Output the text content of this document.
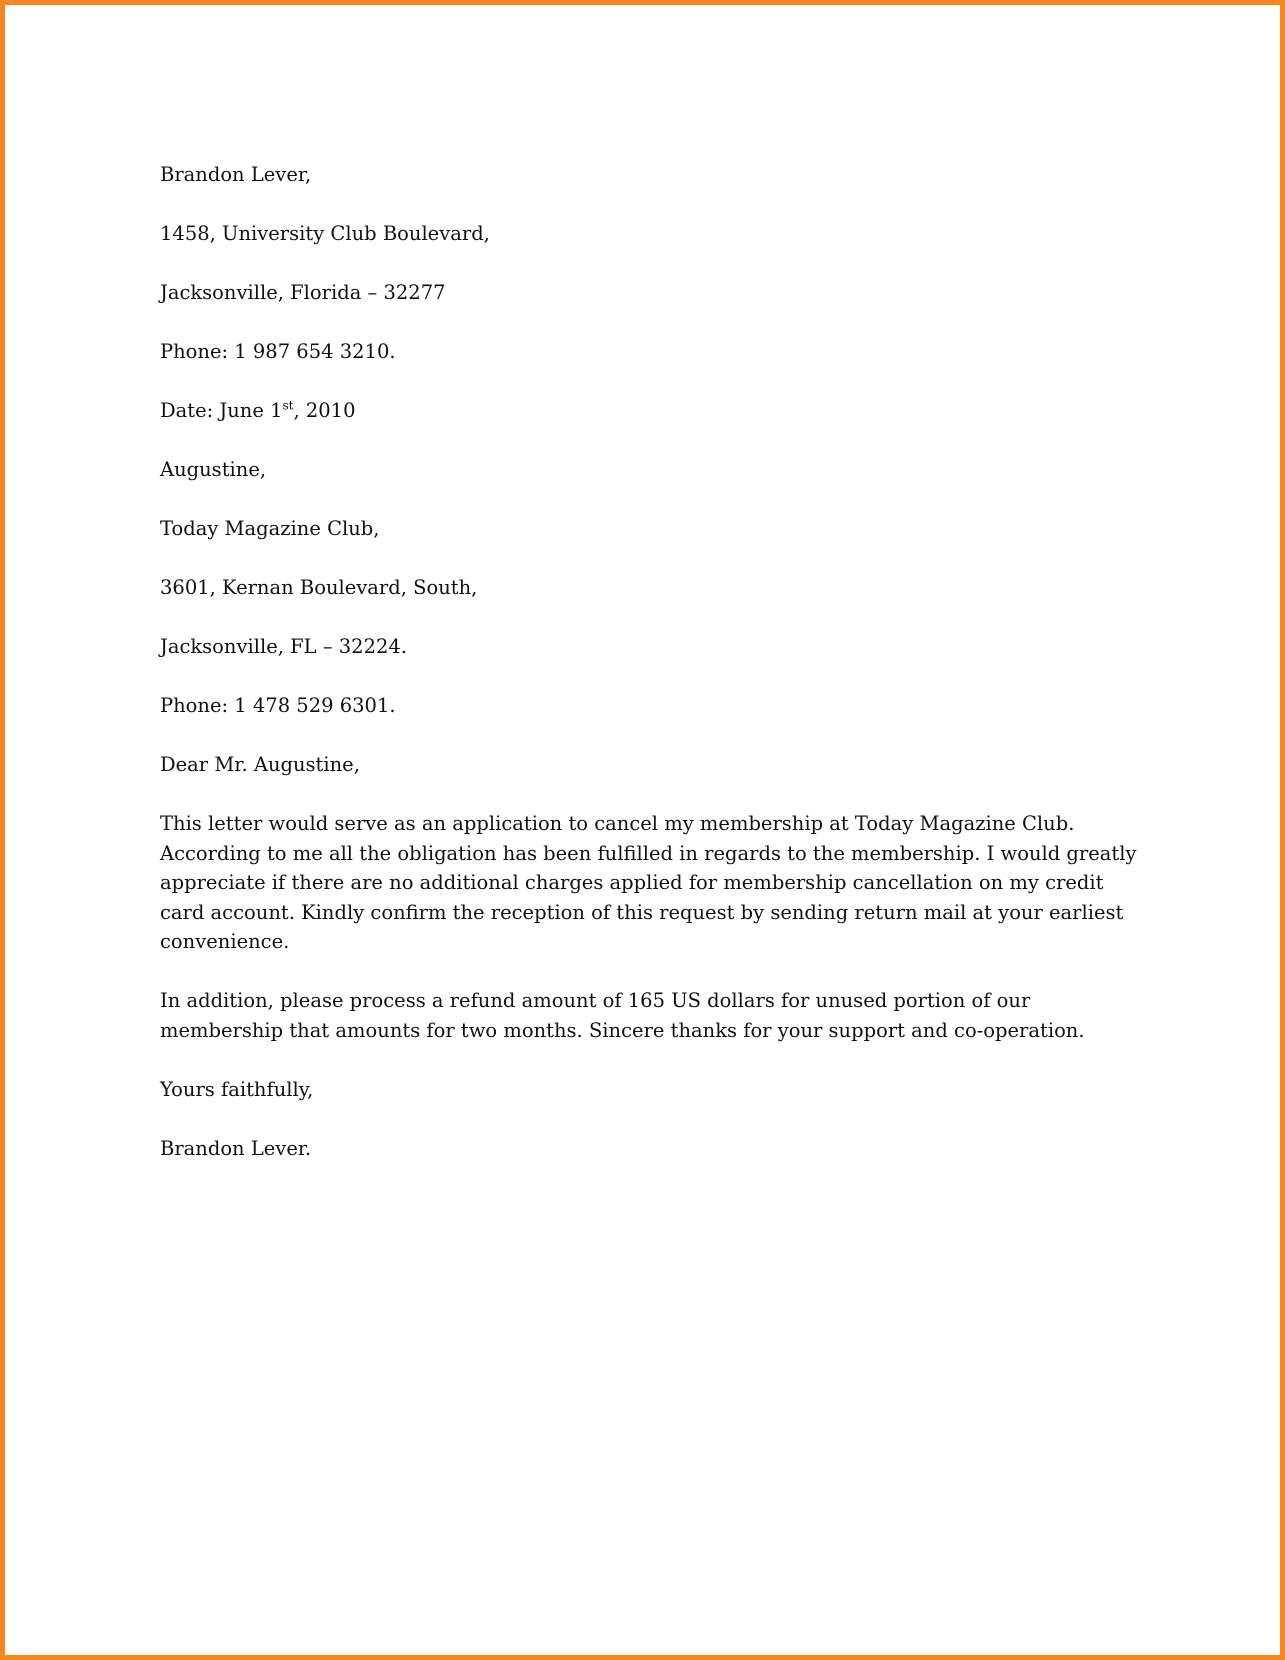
Brandon Lever,
1458, University Club Boulevard,
Jacksonville, Florida – 32277
Phone: 1 987 654 3210.
Date: June 1st, 2010
Augustine,
Today Magazine Club,
3601, Kernan Boulevard, South,
Jacksonville, FL – 32224.
Phone: 1 478 529 6301.
Dear Mr. Augustine,
This letter would serve as an application to cancel my membership at Today Magazine Club. According to me all the obligation has been fulfilled in regards to the membership. I would greatly appreciate if there are no additional charges applied for membership cancellation on my credit card account. Kindly confirm the reception of this request by sending return mail at your earliest convenience.
In addition, please process a refund amount of 165 US dollars for unused portion of our membership that amounts for two months. Sincere thanks for your support and co-operation.
Yours faithfully,
Brandon Lever.
